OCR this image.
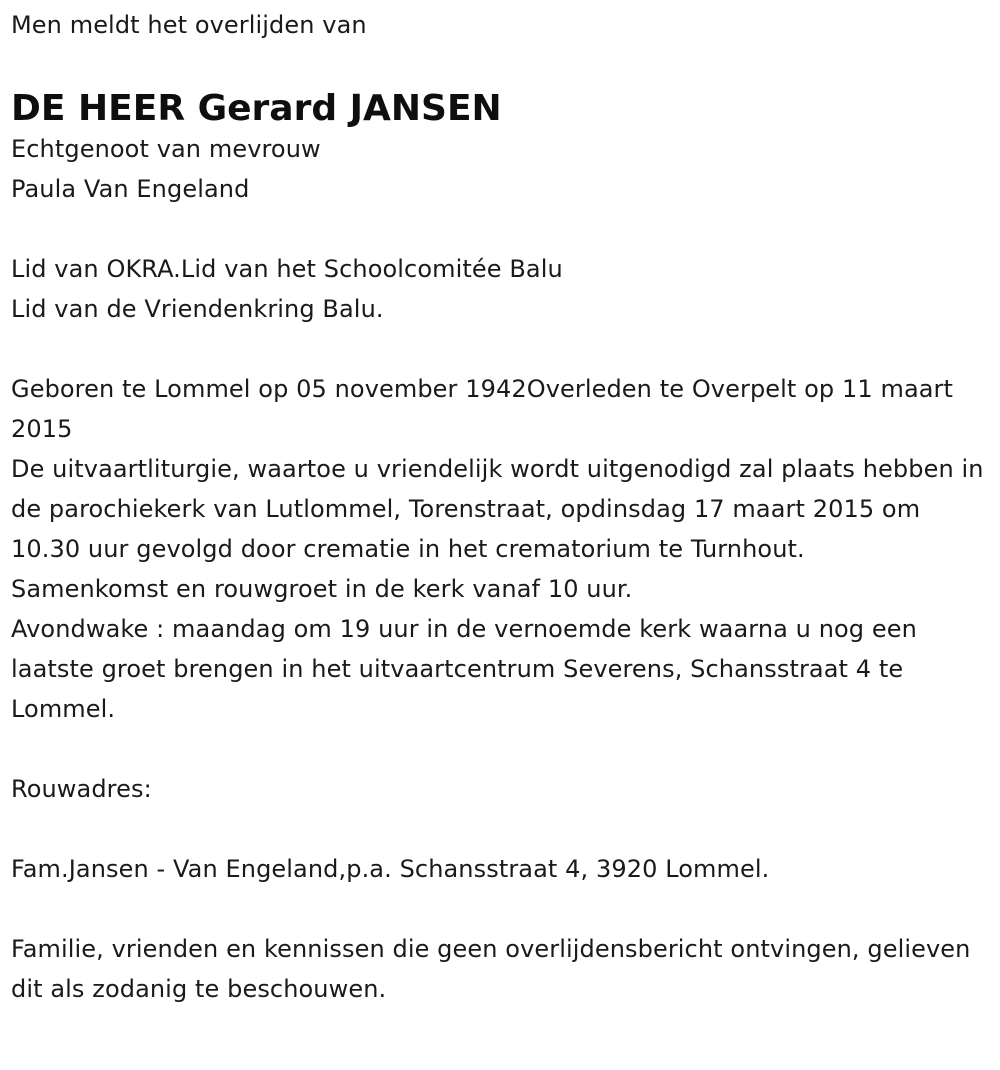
Men meldt het overlijden van
DE HEER Gerard JANSEN
Echtgenoot van mevrouw
Paula Van Engeland
Lid van OKRA.Lid van het Schoolcomitée Balu
Lid van de Vriendenkring Balu.
Geboren te Lommel op 05 november 1942Overleden te Overpelt op 11 maart 2015
De uitvaartliturgie, waartoe u vriendelijk wordt uitgenodigd zal plaats hebben in de parochiekerk van Lutlommel, Torenstraat, opdinsdag 17 maart 2015 om 10.30 uur gevolgd door crematie in het crematorium te Turnhout.
Samenkomst en rouwgroet in de kerk vanaf 10 uur.
Avondwake : maandag om 19 uur in de vernoemde kerk waarna u nog een laatste groet brengen in het uitvaartcentrum Severens, Schansstraat 4 te Lommel.
Rouwadres:
Fam.Jansen - Van Engeland,p.a. Schansstraat 4, 3920 Lommel.
Familie, vrienden en kennissen die geen overlijdensbericht ontvingen, gelieven dit als zodanig te beschouwen.
